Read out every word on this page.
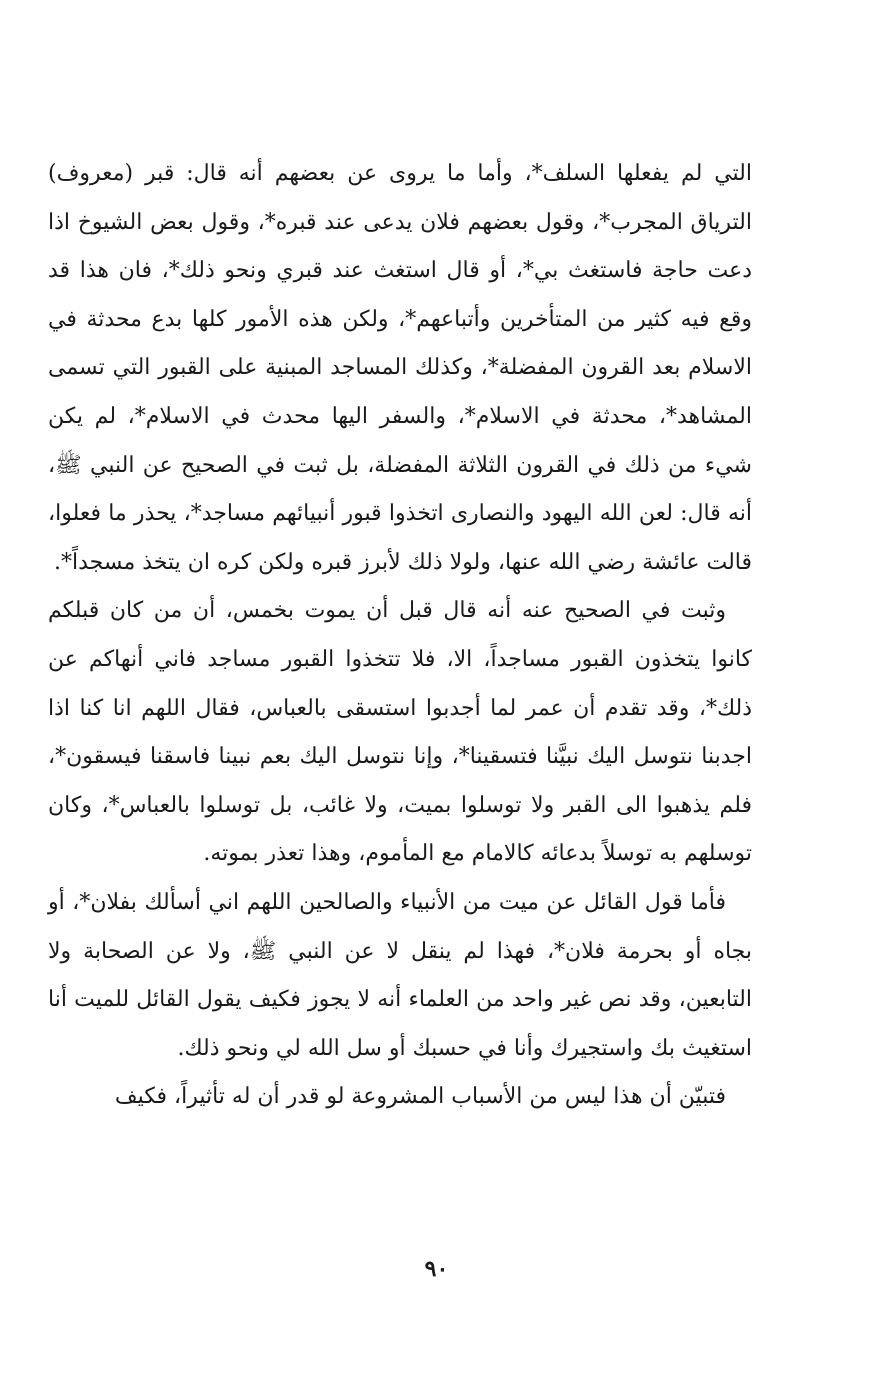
التي لم يفعلها السلف*، وأما ما يروى عن بعضهم أنه قال: قبر (معروف) الترياق المجرب*، وقول بعضهم فلان يدعى عند قبره*، وقول بعض الشيوخ اذا دعت حاجة فاستغث بي*، أو قال استغث عند قبري ونحو ذلك*، فان هذا قد وقع فيه كثير من المتأخرين وأتباعهم*، ولكن هذه الأمور كلها بدع محدثة في الاسلام بعد القرون المفضلة*، وكذلك المساجد المبنية على القبور التي تسمى المشاهد*، محدثة في الاسلام*، والسفر اليها محدث في الاسلام*، لم يكن شيء من ذلك في القرون الثلاثة المفضلة، بل ثبت في الصحيح عن النبي ﷺ، أنه قال: لعن الله اليهود والنصارى اتخذوا قبور أنبيائهم مساجد*، يحذر ما فعلوا، قالت عائشة رضي الله عنها، ولولا ذلك لأبرز قبره ولكن كره ان يتخذ مسجداً*.

وثبت في الصحيح عنه أنه قال قبل أن يموت بخمس، أن من كان قبلكم كانوا يتخذون القبور مساجداً، الا، فلا تتخذوا القبور مساجد فاني أنهاكم عن ذلك*، وقد تقدم أن عمر لما أجدبوا استسقى بالعباس، فقال اللهم انا كنا اذا اجدبنا نتوسل اليك نبيَّنا فتسقينا*، وإنا نتوسل اليك بعم نبينا فاسقنا فيسقون*، فلم يذهبوا الى القبر ولا توسلوا بميت، ولا غائب، بل توسلوا بالعباس*، وكان توسلهم به توسلاً بدعائه كالامام مع المأموم، وهذا تعذر بموته.

فأما قول القائل عن ميت من الأنبياء والصالحين اللهم اني أسألك بفلان*، أو بجاه أو بحرمة فلان*، فهذا لم ينقل لا عن النبي ﷺ، ولا عن الصحابة ولا التابعين، وقد نص غير واحد من العلماء أنه لا يجوز فكيف يقول القائل للميت أنا استغيث بك واستجيرك وأنا في حسبك أو سل الله لي ونحو ذلك.

فتبيّن أن هذا ليس من الأسباب المشروعة لو قدر أن له تأثيراً، فكيف

٩٠
